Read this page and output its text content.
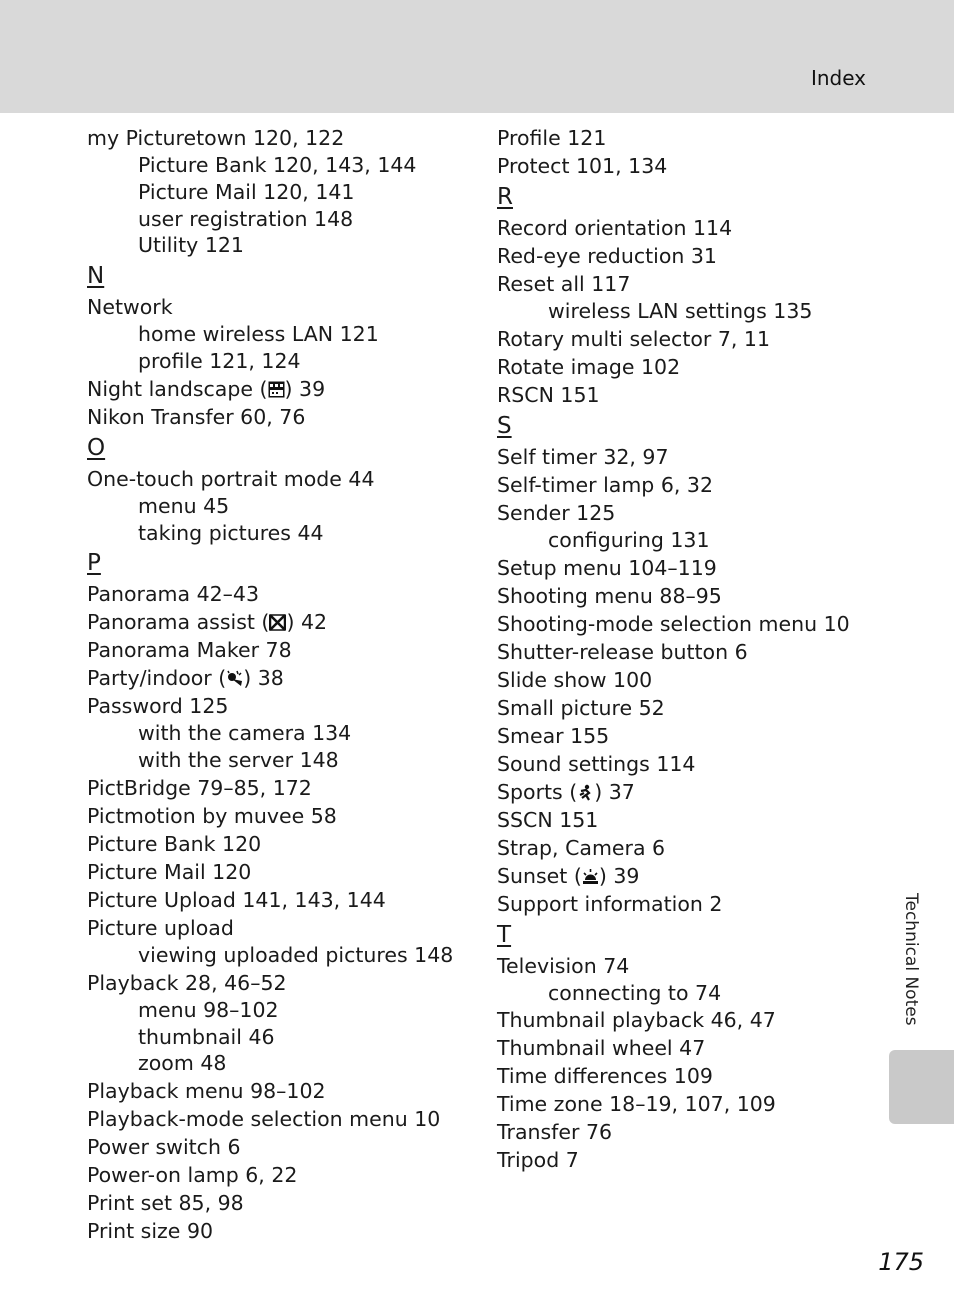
Index
my Picturetown 120, 122
Picture Bank 120, 143, 144
Picture Mail 120, 141
user registration 148
Utility 121
N
Network
home wireless LAN 121
profile 121, 124
Night landscape ( ) 39
Nikon Transfer 60, 76
O
One-touch portrait mode 44
menu 45
taking pictures 44
P
Panorama 42–43
Panorama assist ( ) 42
Panorama Maker 78
Party/indoor ( ) 38
Password 125
with the camera 134
with the server 148
PictBridge 79–85, 172
Pictmotion by muvee 58
Picture Bank 120
Picture Mail 120
Picture Upload 141, 143, 144
Picture upload
viewing uploaded pictures 148
Playback 28, 46–52
menu 98–102
thumbnail 46
zoom 48
Playback menu 98–102
Playback-mode selection menu 10
Power switch 6
Power-on lamp 6, 22
Print set 85, 98
Print size 90
Profile 121
Protect 101, 134
R
Record orientation 114
Red-eye reduction 31
Reset all 117
wireless LAN settings 135
Rotary multi selector 7, 11
Rotate image 102
RSCN 151
S
Self timer 32, 97
Self-timer lamp 6, 32
Sender 125
configuring 131
Setup menu 104–119
Shooting menu 88–95
Shooting-mode selection menu 10
Shutter-release button 6
Slide show 100
Small picture 52
Smear 155
Sound settings 114
Sports ( ) 37
SSCN 151
Strap, Camera 6
Sunset ( ) 39
Support information 2
T
Television 74
connecting to 74
Thumbnail playback 46, 47
Thumbnail wheel 47
Time differences 109
Time zone 18–19, 107, 109
Transfer 76
Tripod 7
Technical Notes
175
